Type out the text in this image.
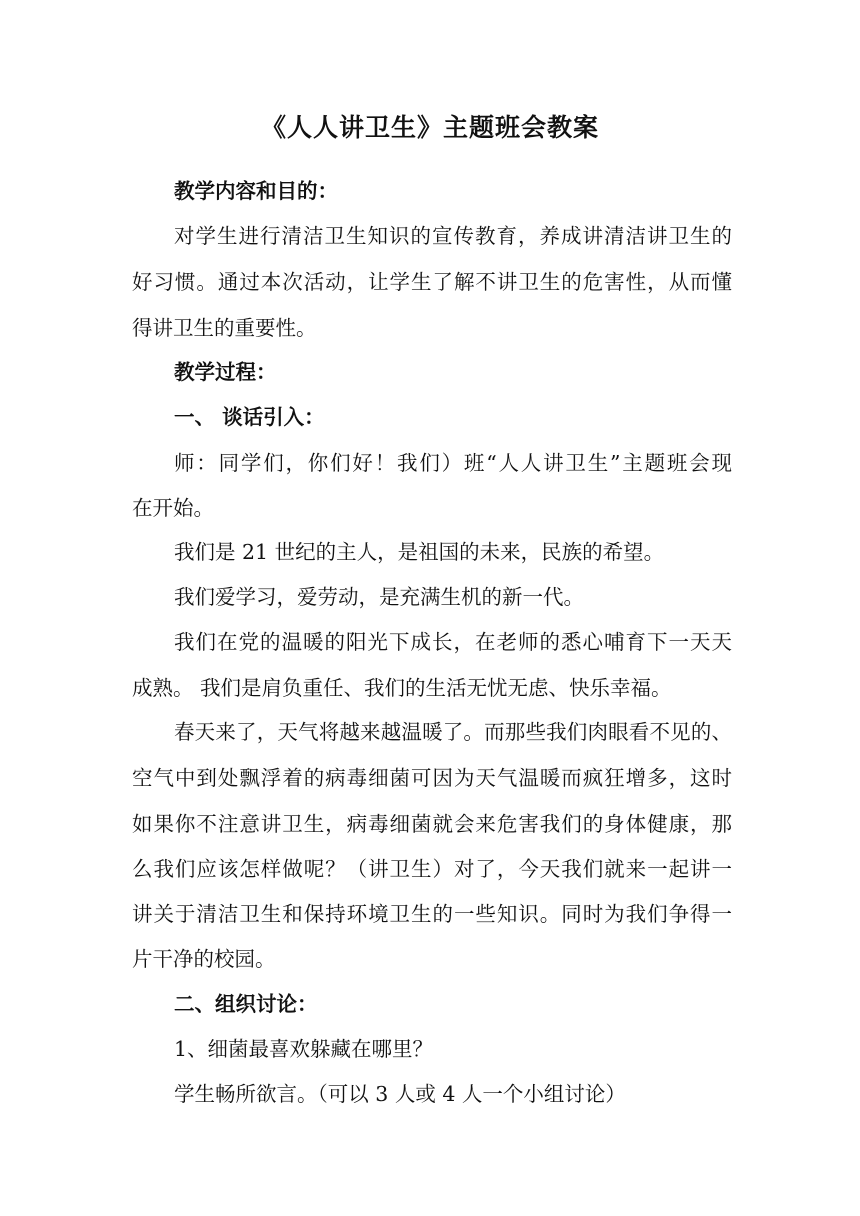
《人人讲卫生》主题班会教案
教学内容和目的：
对学生进行清洁卫生知识的宣传教育，养成讲清洁讲卫生的
好习惯。通过本次活动，让学生了解不讲卫生的危害性，从而懂
得讲卫生的重要性。
教学过程：
一、 谈话引入：
师：同学们，你们好！我们）班“人人讲卫生”主题班会现
在开始。
我们是 21 世纪的主人，是祖国的未来，民族的希望。
我们爱学习，爱劳动，是充满生机的新一代。
我们在党的温暖的阳光下成长，在老师的悉心哺育下一天天
成熟。 我们是肩负重任、我们的生活无忧无虑、快乐幸福。
春天来了，天气将越来越温暖了。而那些我们肉眼看不见的、
空气中到处飘浮着的病毒细菌可因为天气温暖而疯狂增多，这时
如果你不注意讲卫生，病毒细菌就会来危害我们的身体健康，那
么我们应该怎样做呢？（讲卫生）对了，今天我们就来一起讲一
讲关于清洁卫生和保持环境卫生的一些知识。同时为我们争得一
片干净的校园。
二、组织讨论：
1、细菌最喜欢躲藏在哪里？
学生畅所欲言。（可以 3 人或 4 人一个小组讨论）
